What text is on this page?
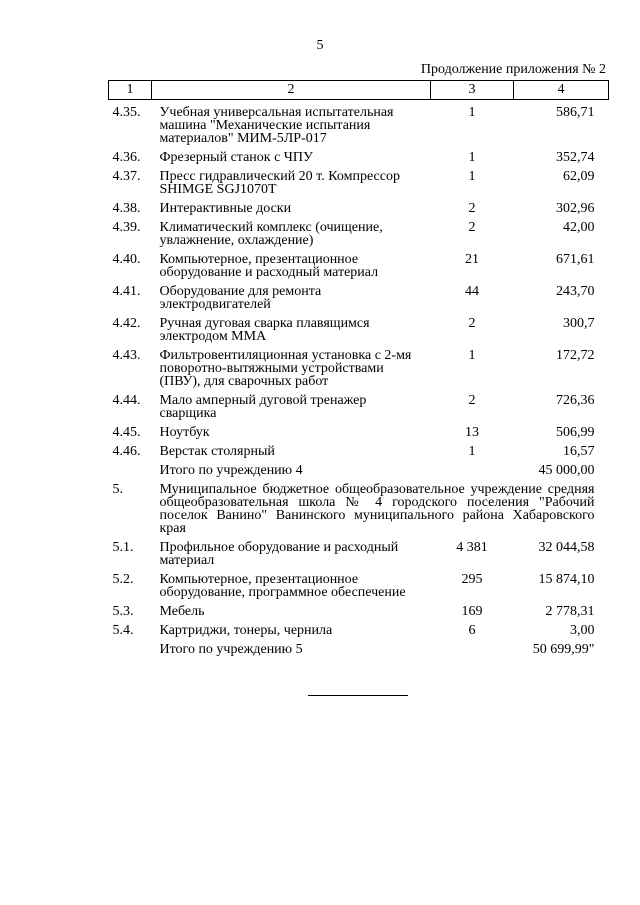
5
Продолжение приложения № 2
1	2	3	4
4.35.	Учебная универсальная испытательная машина "Механические испытания материалов" МИМ-5ЛР-017	1	586,71
4.36.	Фрезерный станок с ЧПУ	1	352,74
4.37.	Пресс гидравлический 20 т. Компрессор SHIMGE SGJ1070T	1	62,09
4.38.	Интерактивные доски	2	302,96
4.39.	Климатический комплекс (очищение, увлажнение, охлаждение)	2	42,00
4.40.	Компьютерное, презентационное оборудование и расходный материал	21	671,61
4.41.	Оборудование для ремонта электродвигателей	44	243,70
4.42.	Ручная дуговая сварка плавящимся электродом ММА	2	300,7
4.43.	Фильтровентиляционная установка с 2-мя поворотно-вытяжными устройствами (ПВУ), для сварочных работ	1	172,72
4.44.	Мало амперный дуговой тренажер сварщика	2	726,36
4.45.	Ноутбук	13	506,99
4.46.	Верстак столярный	1	16,57
	Итого по учреждению 4		45 000,00
5.	Муниципальное бюджетное общеобразовательное учреждение средняя общеобразовательная школа № 4 городского поселения "Рабочий поселок Ванино" Ванинского муниципального района Хабаровского края		
5.1.	Профильное оборудование и расходный материал	4 381	32 044,58
5.2.	Компьютерное, презентационное оборудование, программное обеспечение	295	15 874,10
5.3.	Мебель	169	2 778,31
5.4.	Картриджи, тонеры, чернила	6	3,00
	Итого по учреждению 5		50 699,99"
